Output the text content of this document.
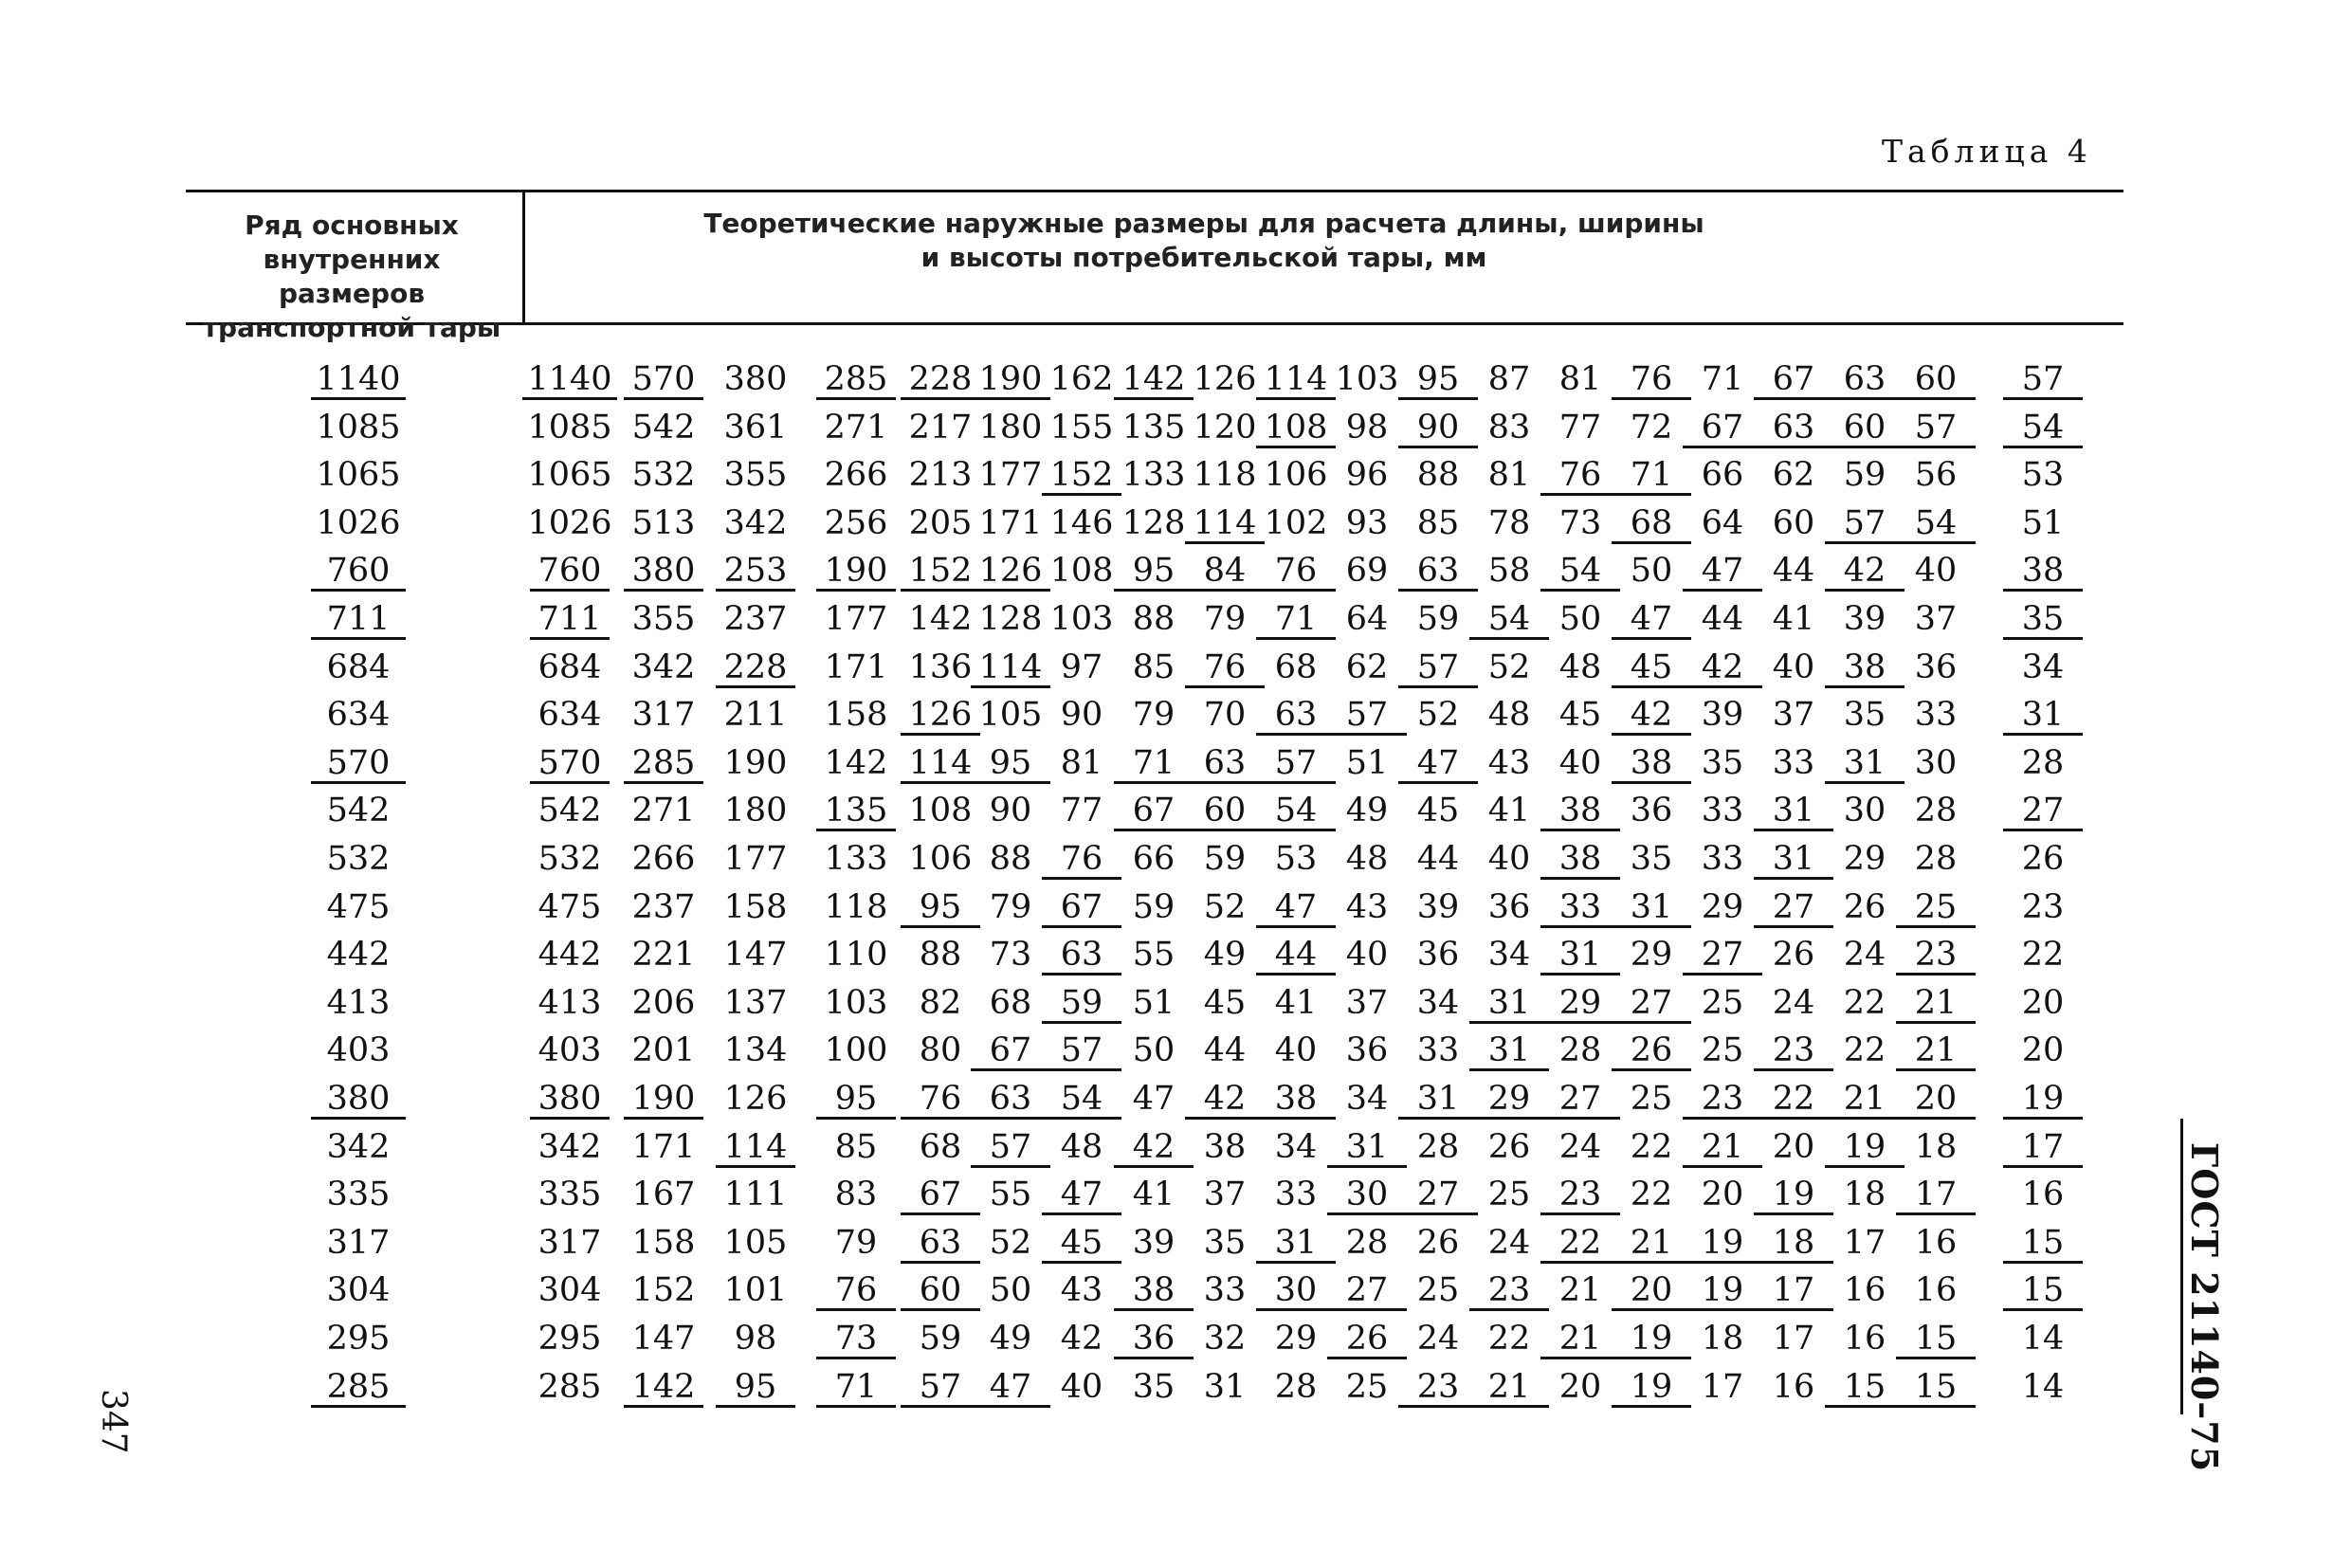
Таблица 4
Ряд основных
внутренних размеров
транспортной тары
Теоретические наружные размеры для расчета длины, ширины
и высоты потребительской тары, мм
1140	1140 570 380 285 228 190 162 142 126 114 103 95 87 81 76 71 67 63 60	57
1085	1085 542 361 271 217 180 155 135 120 108 98 90 83 77 72 67 63 60 57	54
1065	1065 532 355 266 213 177 152 133 118 106 96 88 81 76 71 66 62 59 56	53
1026	1026 513 342 256 205 171 146 128 114 102 93 85 78 73 68 64 60 57 54	51
760	760 380 253 190 152 126 108 95 84 76 69 63 58 54 50 47 44 42 40	38
711	711 355 237 177 142 128 103 88 79 71 64 59 54 50 47 44 41 39 37	35
684	684 342 228 171 136 114 97 85 76 68 62 57 52 48 45 42 40 38 36	34
634	634 317 211 158 126 105 90 79 70 63 57 52 48 45 42 39 37 35 33	31
570	570 285 190 142 114 95 81 71 63 57 51 47 43 40 38 35 33 31 30	28
542	542 271 180 135 108 90 77 67 60 54 49 45 41 38 36 33 31 30 28	27
532	532 266 177 133 106 88 76 66 59 53 48 44 40 38 35 33 31 29 28	26
475	475 237 158 118 95 79 67 59 52 47 43 39 36 33 31 29 27 26 25	23
442	442 221 147 110 88 73 63 55 49 44 40 36 34 31 29 27 26 24 23	22
413	413 206 137 103 82 68 59 51 45 41 37 34 31 29 27 25 24 22 21	20
403	403 201 134 100 80 67 57 50 44 40 36 33 31 28 26 25 23 22 21	20
380	380 190 126	95	76 63 54 47 42 38 34 31 29 27 25 23 22 21 20	19
342	342 171 114	85	68 57 48 42 38 34 31 28 26 24 22 21 20 19 18	17
335	335 167 111	83	67 55 47 41 37 33 30 27 25 23 22 20 19 18 17	16
317	317 158 105	79	63 52 45 39 35 31 28 26 24 22 21 19 18 17 16	15
304	304 152 101	76	60 50 43 38 33 30 27 25 23 21 20 19 17 16 16	15
295	295 147	98	73	59 49 42 36 32 29 26 24 22 21 19 18 17 16 15	14
285	285 142	95	71	57 47 40 35 31 28 25 23 21 20 19 17 16 15 15	14
347	ГОСТ 21140–75
